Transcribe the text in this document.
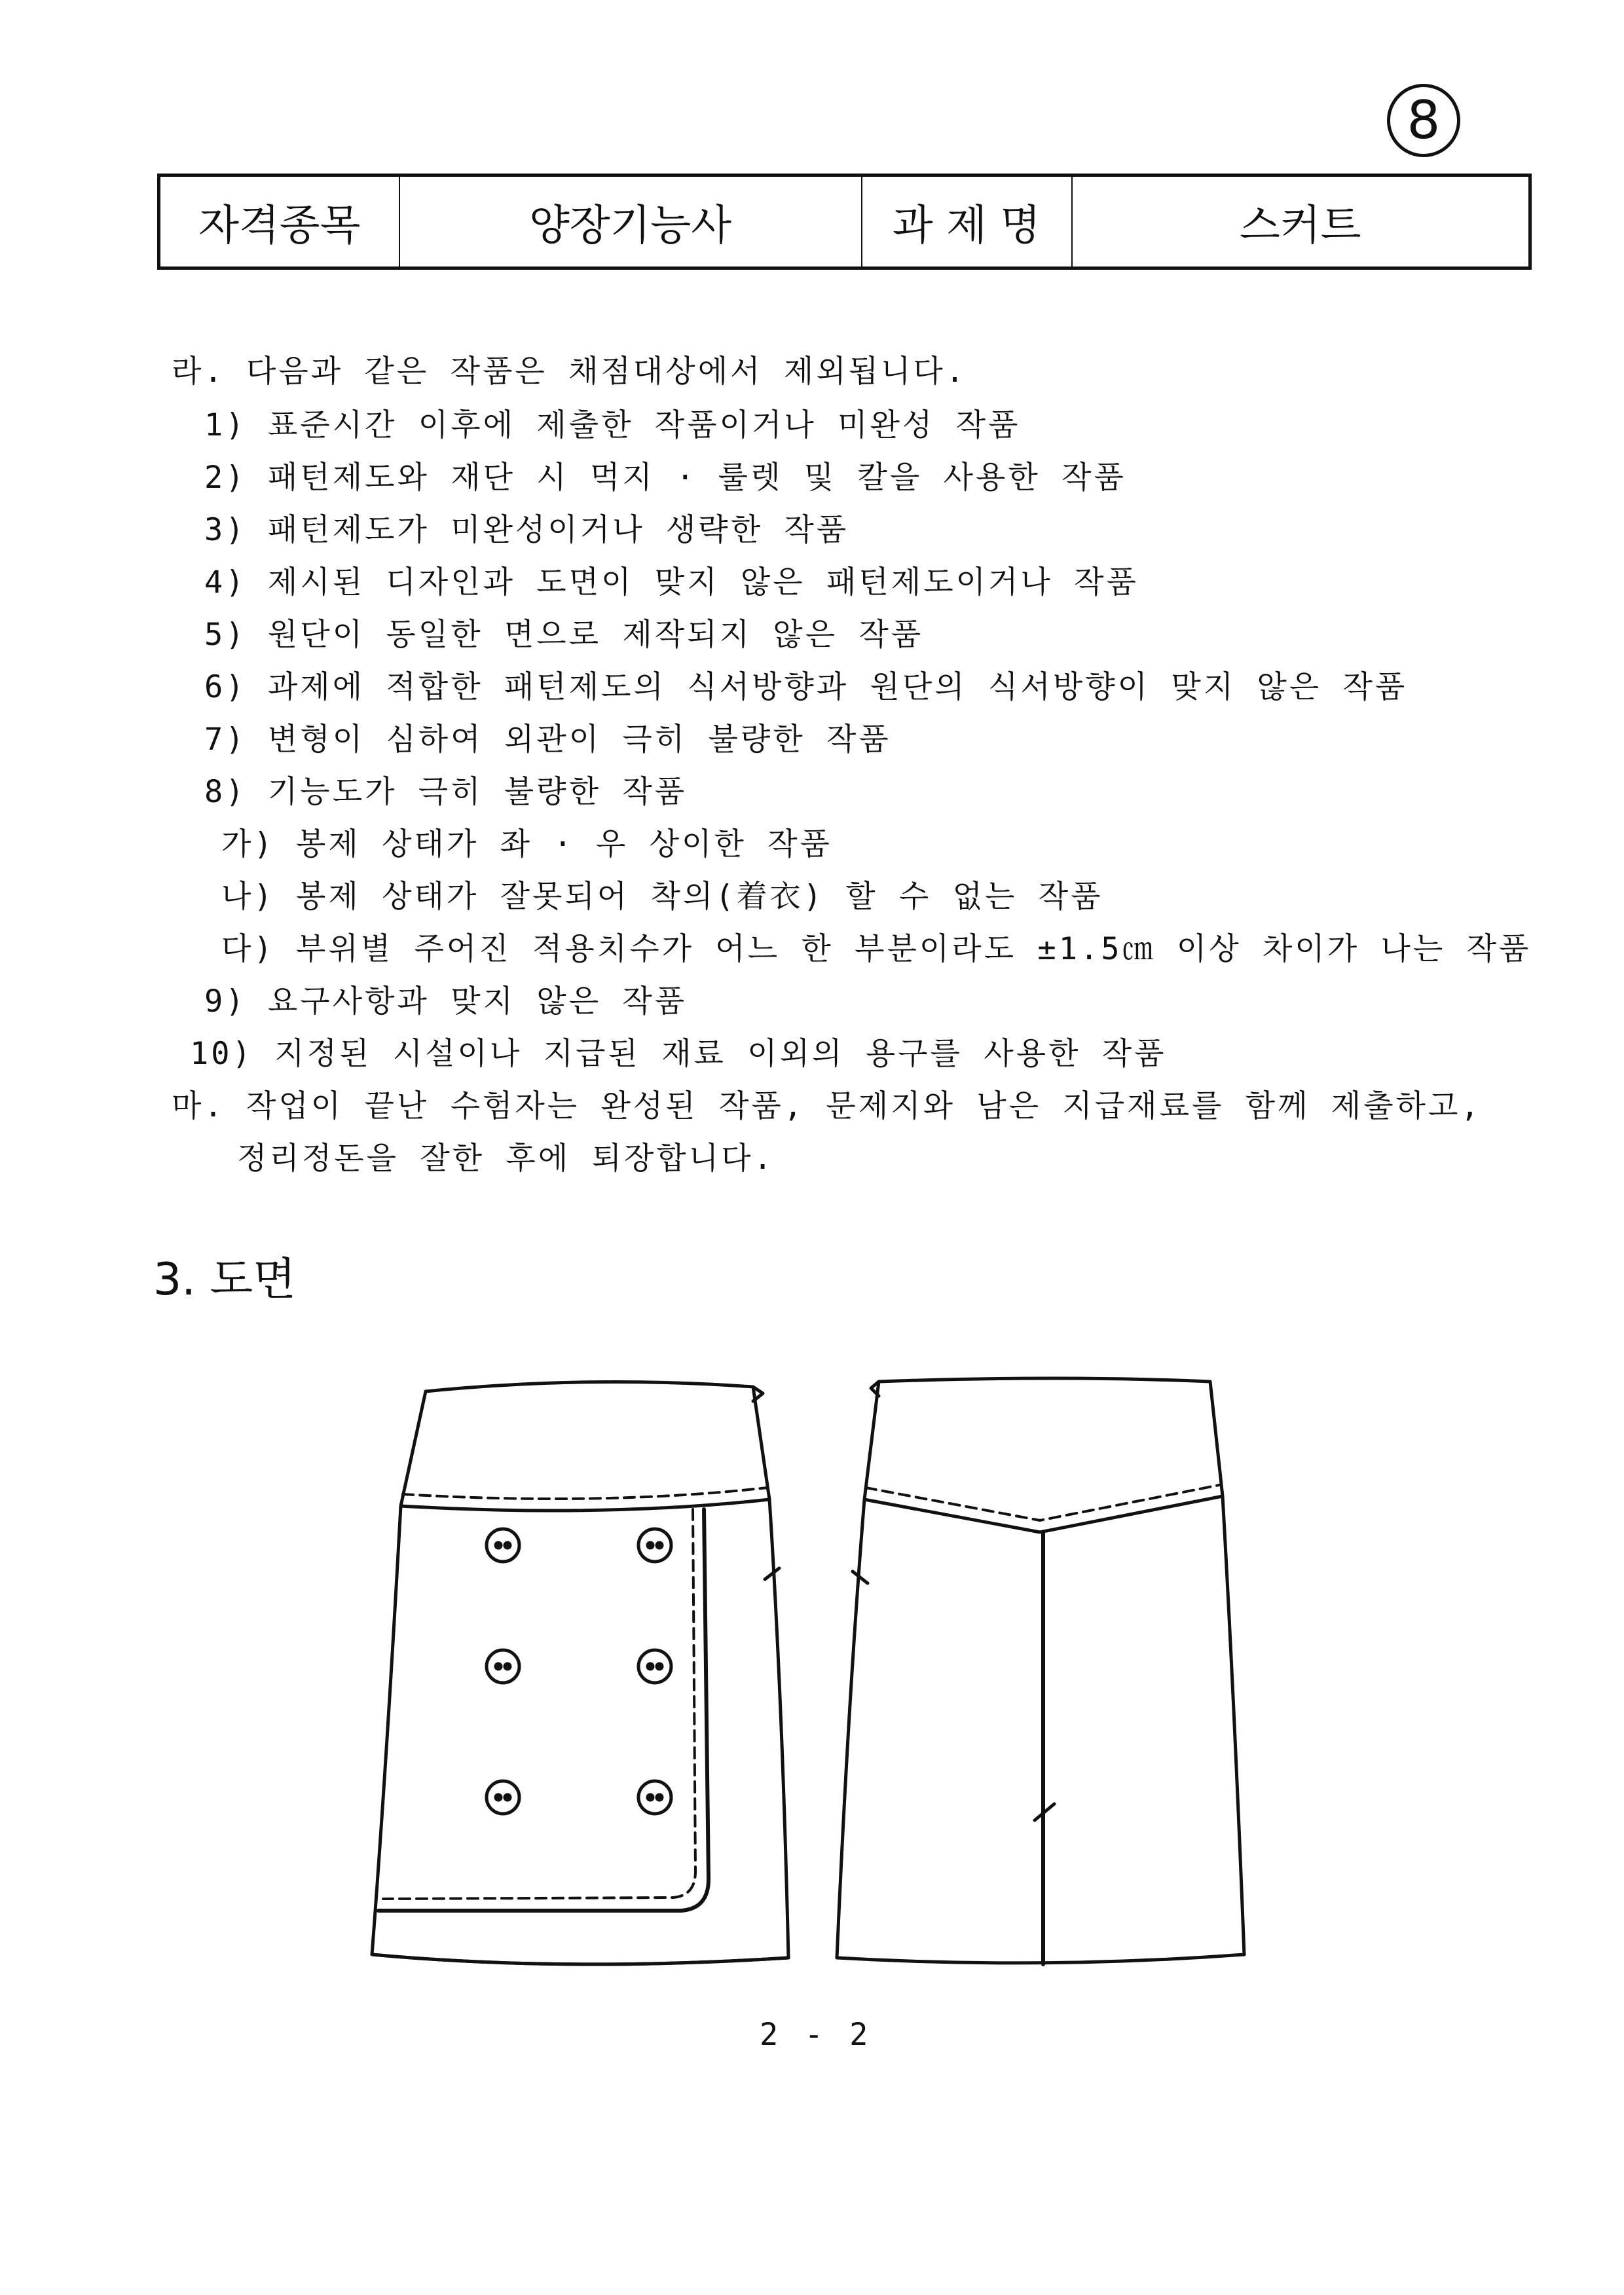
8
자격종목	양장기능사	과 제 명	스커트
라. 다음과 같은 작품은 채점대상에서 제외됩니다.
1) 표준시간 이후에 제출한 작품이거나 미완성 작품
2) 패턴제도와 재단 시 먹지 · 룰렛 및 칼을 사용한 작품
3) 패턴제도가 미완성이거나 생략한 작품
4) 제시된 디자인과 도면이 맞지 않은 패턴제도이거나 작품
5) 원단이 동일한 면으로 제작되지 않은 작품
6) 과제에 적합한 패턴제도의 식서방향과 원단의 식서방향이 맞지 않은 작품
7) 변형이 심하여 외관이 극히 불량한 작품
8) 기능도가 극히 불량한 작품
가) 봉제 상태가 좌 · 우 상이한 작품
나) 봉제 상태가 잘못되어 착의(着衣) 할 수 없는 작품
다) 부위별 주어진 적용치수가 어느 한 부분이라도 ±1.5㎝ 이상 차이가 나는 작품
9) 요구사항과 맞지 않은 작품
10) 지정된 시설이나 지급된 재료 이외의 용구를 사용한 작품
마. 작업이 끝난 수험자는 완성된 작품, 문제지와 남은 지급재료를 함께 제출하고,
정리정돈을 잘한 후에 퇴장합니다.
3. 도면
2 - 2
